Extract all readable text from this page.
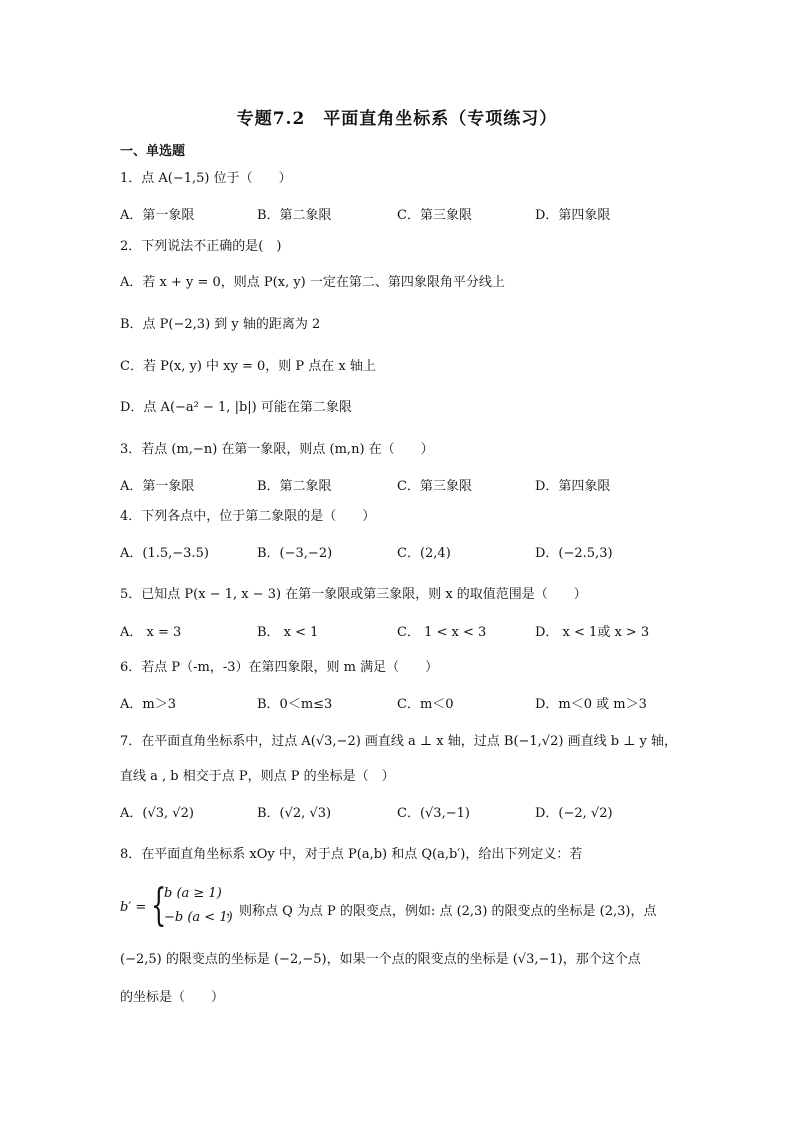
专题7.2　平面直角坐标系（专项练习）
一、单选题
1．点 A(−1,5) 位于（　　）
A．第一象限	B．第二象限	C．第三象限	D．第四象限
2．下列说法不正确的是(　)
A．若 x + y = 0，则点 P(x, y) 一定在第二、第四象限角平分线上
B．点 P(−2,3) 到 y 轴的距离为 2
C．若 P(x, y) 中 xy = 0，则 P 点在 x 轴上
D．点 A(−a² − 1, |b|) 可能在第二象限
3．若点 (m,−n) 在第一象限，则点 (m,n) 在（　　）
A．第一象限	B．第二象限	C．第三象限	D．第四象限
4．下列各点中，位于第二象限的是（　　）
A．(1.5,−3.5)	B．(−3,−2)	C．(2,4)	D．(−2.5,3)
5．已知点 P(x − 1, x − 3) 在第一象限或第三象限，则 x 的取值范围是（　　）
A． x = 3	B． x < 1	C． 1 < x < 3	D． x < 1或 x > 3
6．若点 P（-m，-3）在第四象限，则 m 满足（　　）
A．m＞3	B．0＜m≤3	C．m＜0	D．m＜0 或 m＞3
7．在平面直角坐标系中，过点 A(√3,−2) 画直线 a ⊥ x 轴，过点 B(−1,√2) 画直线 b ⊥ y 轴，
直线 a , b 相交于点 P，则点 P 的坐标是（　）
A．(√3, √2)	B．(√2, √3)	C．(√3,−1)	D．(−2, √2)
8．在平面直角坐标系 xOy 中，对于点 P(a,b) 和点 Q(a,b′)，给出下列定义：若
b′ = {
b (a ≥ 1)
−b (a < 1)
，则称点 Q 为点 P 的限变点，例如: 点 (2,3) 的限变点的坐标是 (2,3)，点
(−2,5) 的限变点的坐标是 (−2,−5)，如果一个点的限变点的坐标是 (√3,−1)，那个这个点
的坐标是（　　）
